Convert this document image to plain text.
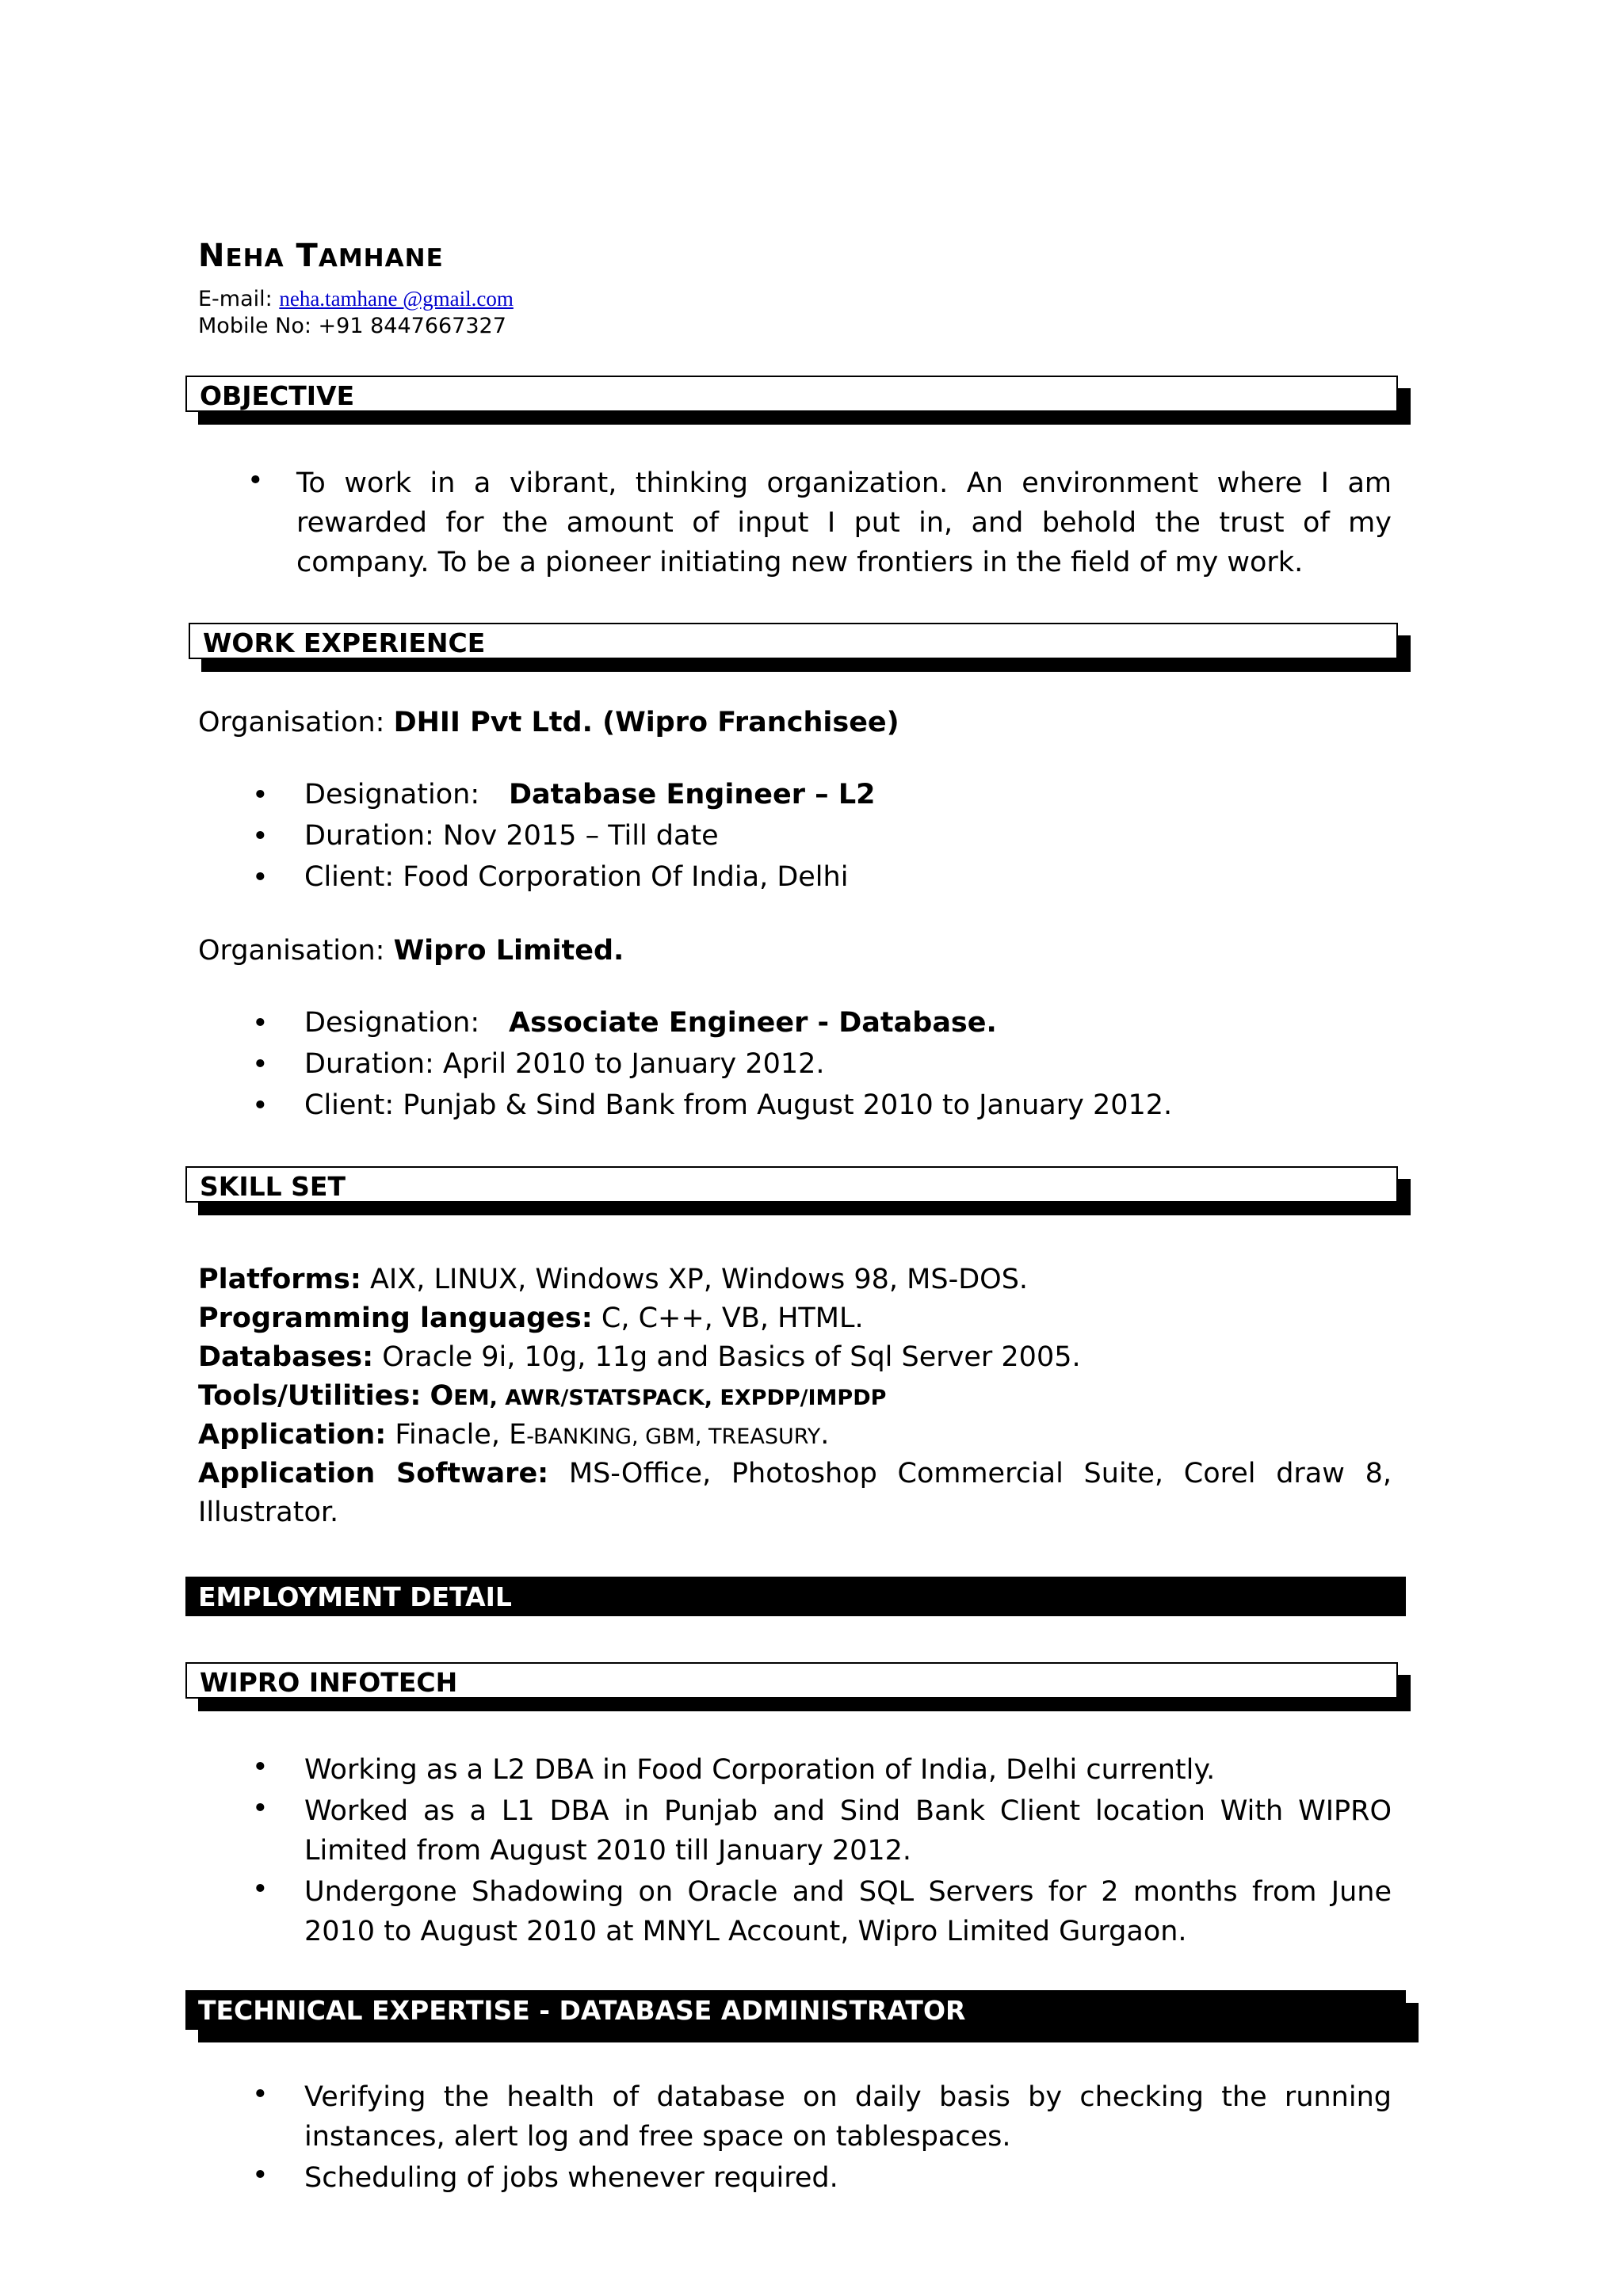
NEHA TAMHANE
E-mail: neha.tamhane @gmail.com
Mobile No: +91 8447667327
OBJECTIVE
• To work in a vibrant, thinking organization. An environment where I am rewarded for the amount of input I put in, and behold the trust of my company. To be a pioneer initiating new frontiers in the field of my work.
WORK EXPERIENCE
Organisation: DHII Pvt Ltd. (Wipro Franchisee)
• Designation: Database Engineer – L2
• Duration: Nov 2015 – Till date
• Client: Food Corporation Of India, Delhi
Organisation: Wipro Limited.
• Designation: Associate Engineer - Database.
• Duration: April 2010 to January 2012.
• Client: Punjab & Sind Bank from August 2010 to January 2012.
SKILL SET
Platforms: AIX, LINUX, Windows XP, Windows 98, MS-DOS.
Programming languages: C, C++, VB, HTML.
Databases: Oracle 9i, 10g, 11g and Basics of Sql Server 2005.
Tools/Utilities: OEM, AWR/STATSPACK, EXPDP/IMPDP
Application: Finacle, E-BANKING, GBM, TREASURY.
Application Software: MS-Office, Photoshop Commercial Suite, Corel draw 8,
Illustrator.
EMPLOYMENT DETAIL
WIPRO INFOTECH
• Working as a L2 DBA in Food Corporation of India, Delhi currently.
• Worked as a L1 DBA in Punjab and Sind Bank Client location With WIPRO Limited from August 2010 till January 2012.
• Undergone Shadowing on Oracle and SQL Servers for 2 months from June 2010 to August 2010 at MNYL Account, Wipro Limited Gurgaon.
TECHNICAL EXPERTISE - DATABASE ADMINISTRATOR
• Verifying the health of database on daily basis by checking the running instances, alert log and free space on tablespaces.
• Scheduling of jobs whenever required.
